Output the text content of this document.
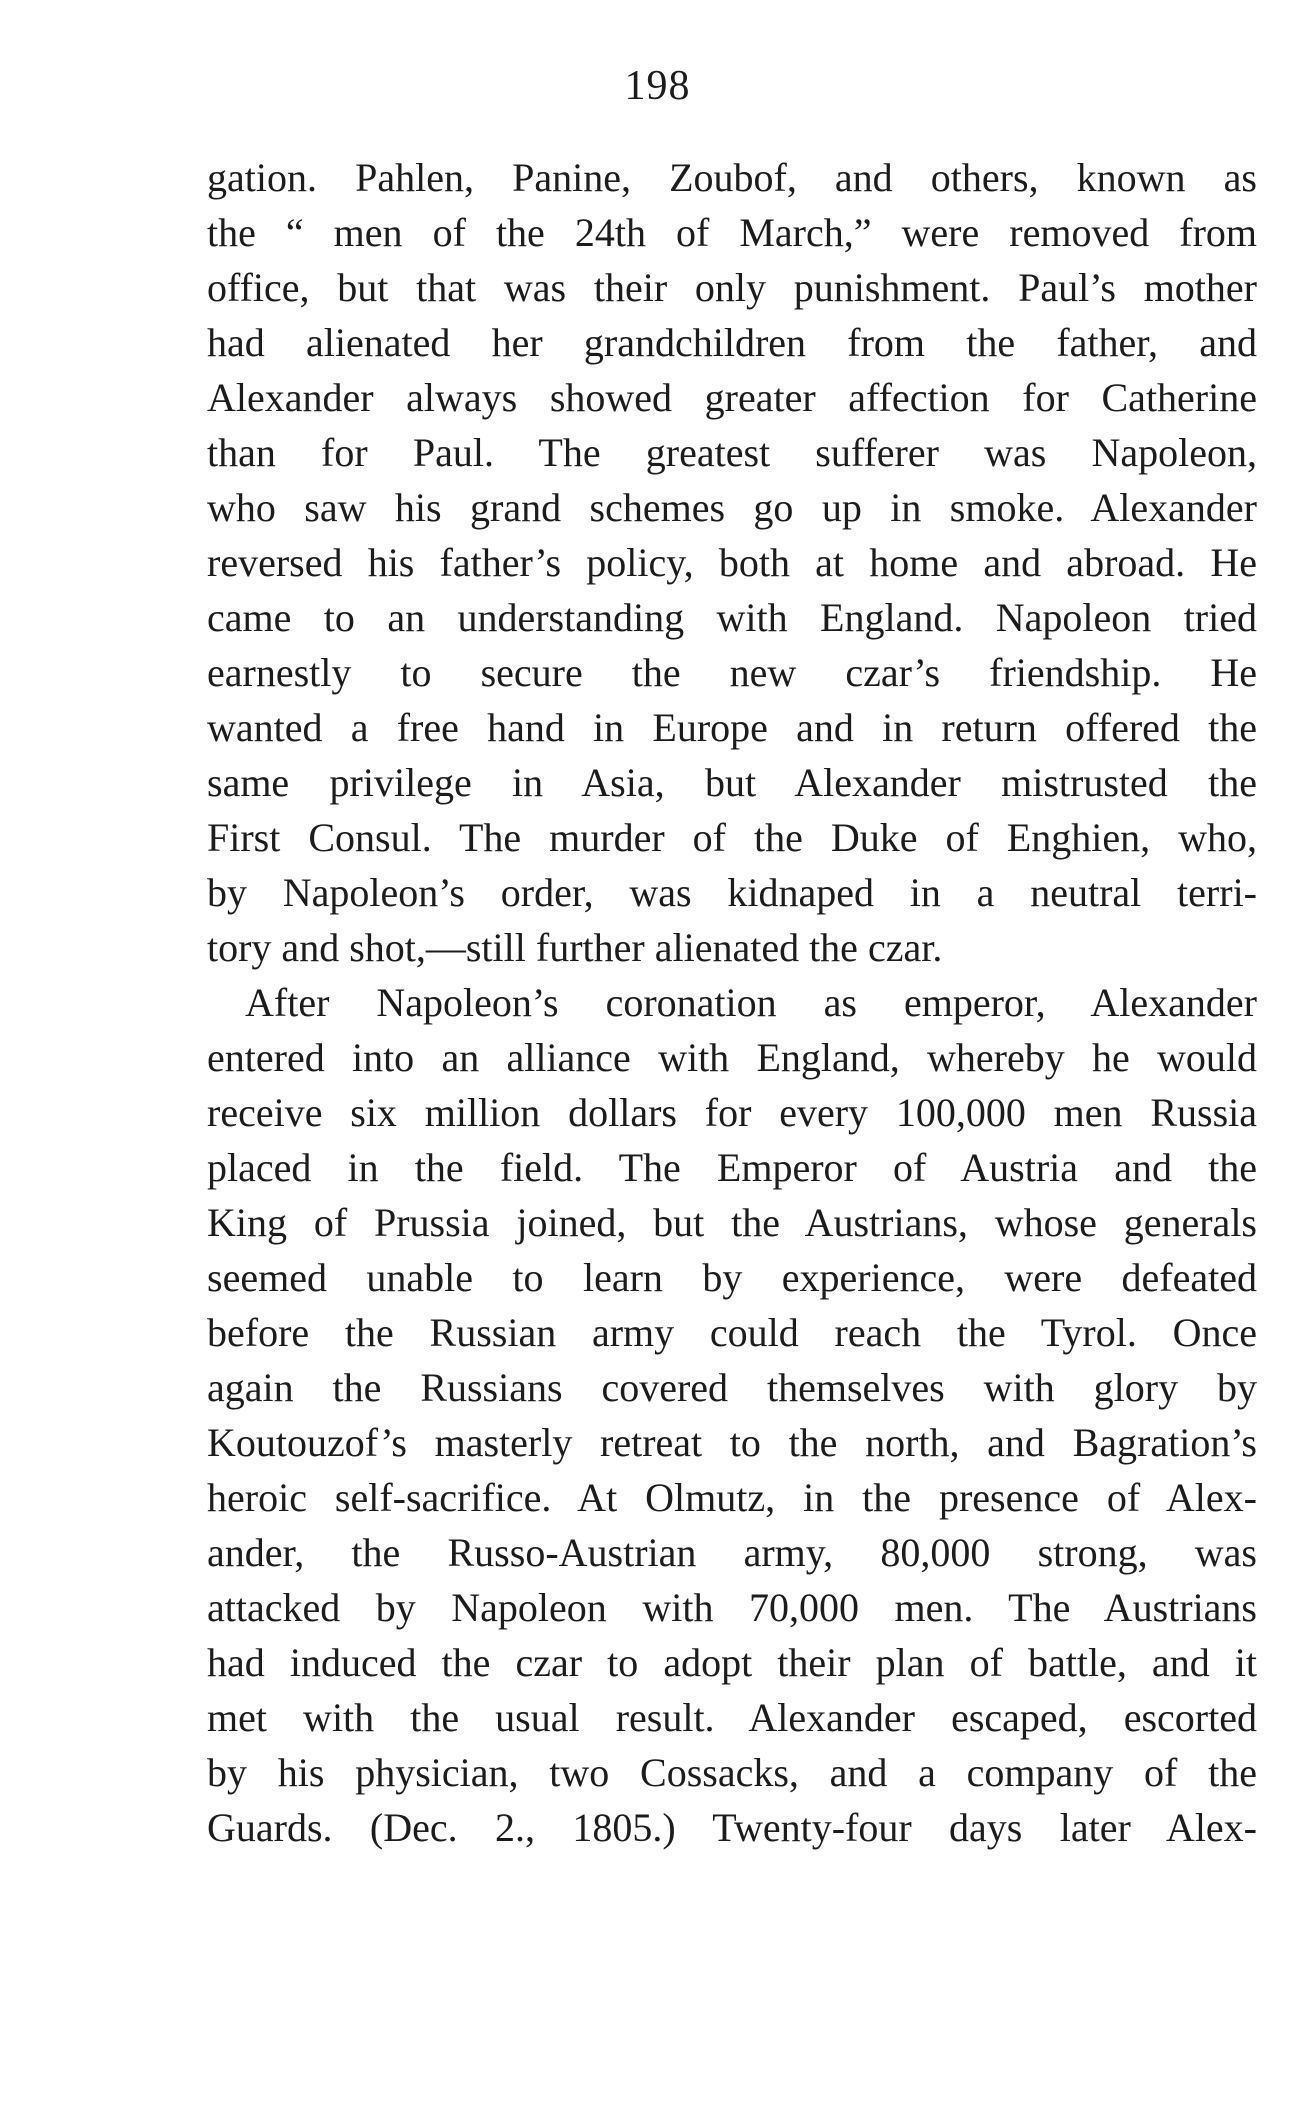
198

gation. Pahlen, Panine, Zoubof, and others, known as
the “ men of the 24th of March,” were removed from
office, but that was their only punishment. Paul’s mother
had alienated her grandchildren from the father, and
Alexander always showed greater affection for Catherine
than for Paul. The greatest sufferer was Napoleon,
who saw his grand schemes go up in smoke. Alexander
reversed his father’s policy, both at home and abroad. He
came to an understanding with England. Napoleon tried
earnestly to secure the new czar’s friendship. He
wanted a free hand in Europe and in return offered the
same privilege in Asia, but Alexander mistrusted the
First Consul. The murder of the Duke of Enghien, who,
by Napoleon’s order, was kidnaped in a neutral terri-
tory and shot,—still further alienated the czar.

After Napoleon’s coronation as emperor, Alexander
entered into an alliance with England, whereby he would
receive six million dollars for every 100,000 men Russia
placed in the field. The Emperor of Austria and the
King of Prussia joined, but the Austrians, whose generals
seemed unable to learn by experience, were defeated
before the Russian army could reach the Tyrol. Once
again the Russians covered themselves with glory by
Koutouzof’s masterly retreat to the north, and Bagration’s
heroic self-sacrifice. At Olmutz, in the presence of Alex-
ander, the Russo-Austrian army, 80,000 strong, was
attacked by Napoleon with 70,000 men. The Austrians
had induced the czar to adopt their plan of battle, and it
met with the usual result. Alexander escaped, escorted
by his physician, two Cossacks, and a company of the
Guards. (Dec. 2., 1805.) Twenty-four days later Alex-
